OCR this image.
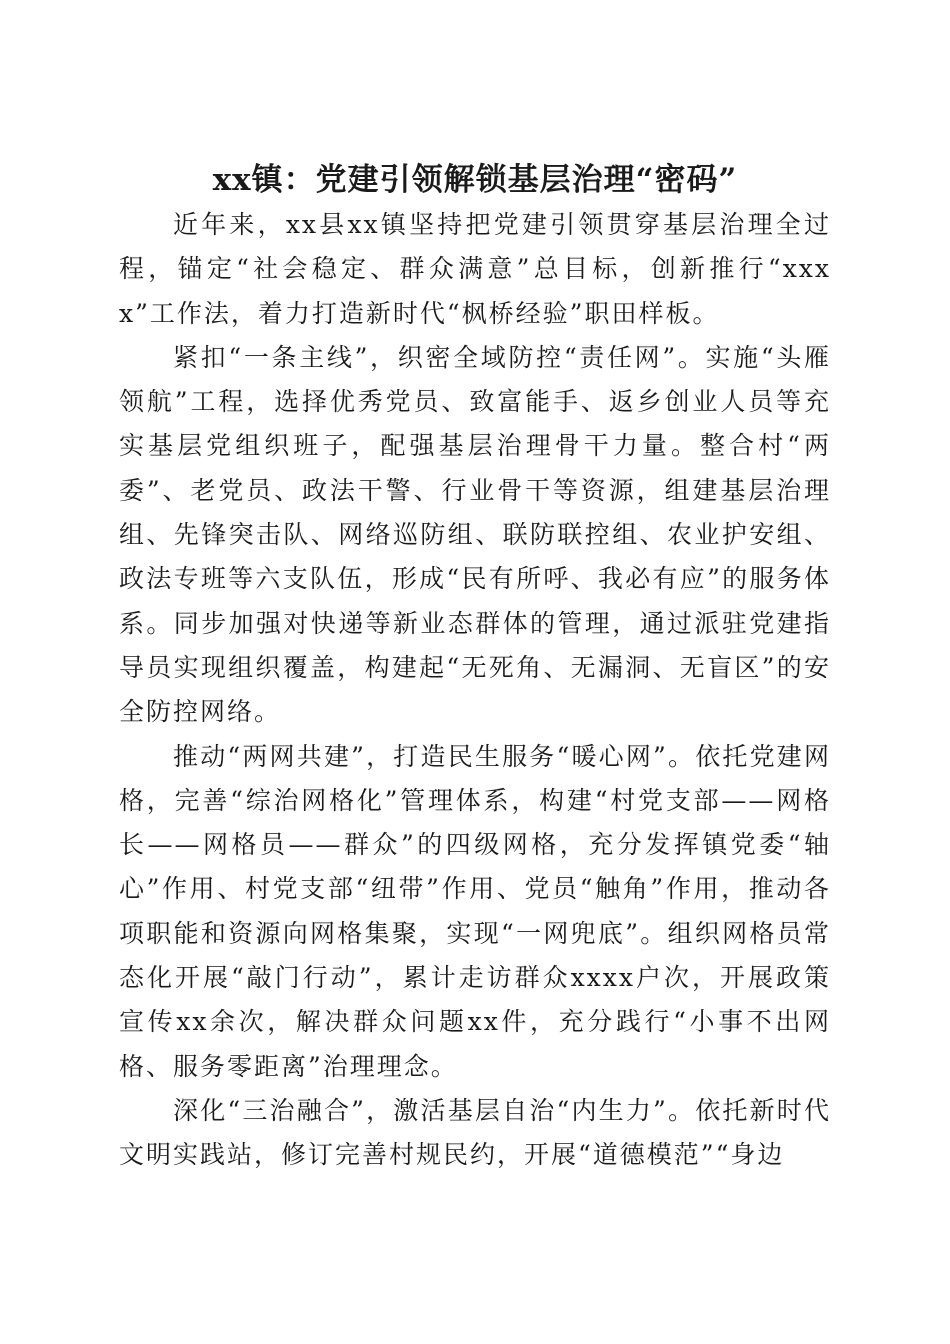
xx镇：党建引领解锁基层治理“密码”

近年来，xx县xx镇坚持把党建引领贯穿基层治理全过程，锚定“社会稳定、群众满意”总目标，创新推行“xxxx”工作法，着力打造新时代“枫桥经验”职田样板。

紧扣“一条主线”，织密全域防控“责任网”。实施“头雁领航”工程，选择优秀党员、致富能手、返乡创业人员等充实基层党组织班子，配强基层治理骨干力量。整合村“两委”、老党员、政法干警、行业骨干等资源，组建基层治理组、先锋突击队、网络巡防组、联防联控组、农业护安组、政法专班等六支队伍，形成“民有所呼、我必有应”的服务体系。同步加强对快递等新业态群体的管理，通过派驻党建指导员实现组织覆盖，构建起“无死角、无漏洞、无盲区”的安全防控网络。

推动“两网共建”，打造民生服务“暖心网”。依托党建网格，完善“综治网格化”管理体系，构建“村党支部——网格长——网格员——群众”的四级网格，充分发挥镇党委“轴心”作用、村党支部“纽带”作用、党员“触角”作用，推动各项职能和资源向网格集聚，实现“一网兜底”。组织网格员常态化开展“敲门行动”，累计走访群众xxxx户次，开展政策宣传xx余次，解决群众问题xx件，充分践行“小事不出网格、服务零距离”治理理念。

深化“三治融合”，激活基层自治“内生力”。依托新时代文明实践站，修订完善村规民约，开展“道德模范”“身边
